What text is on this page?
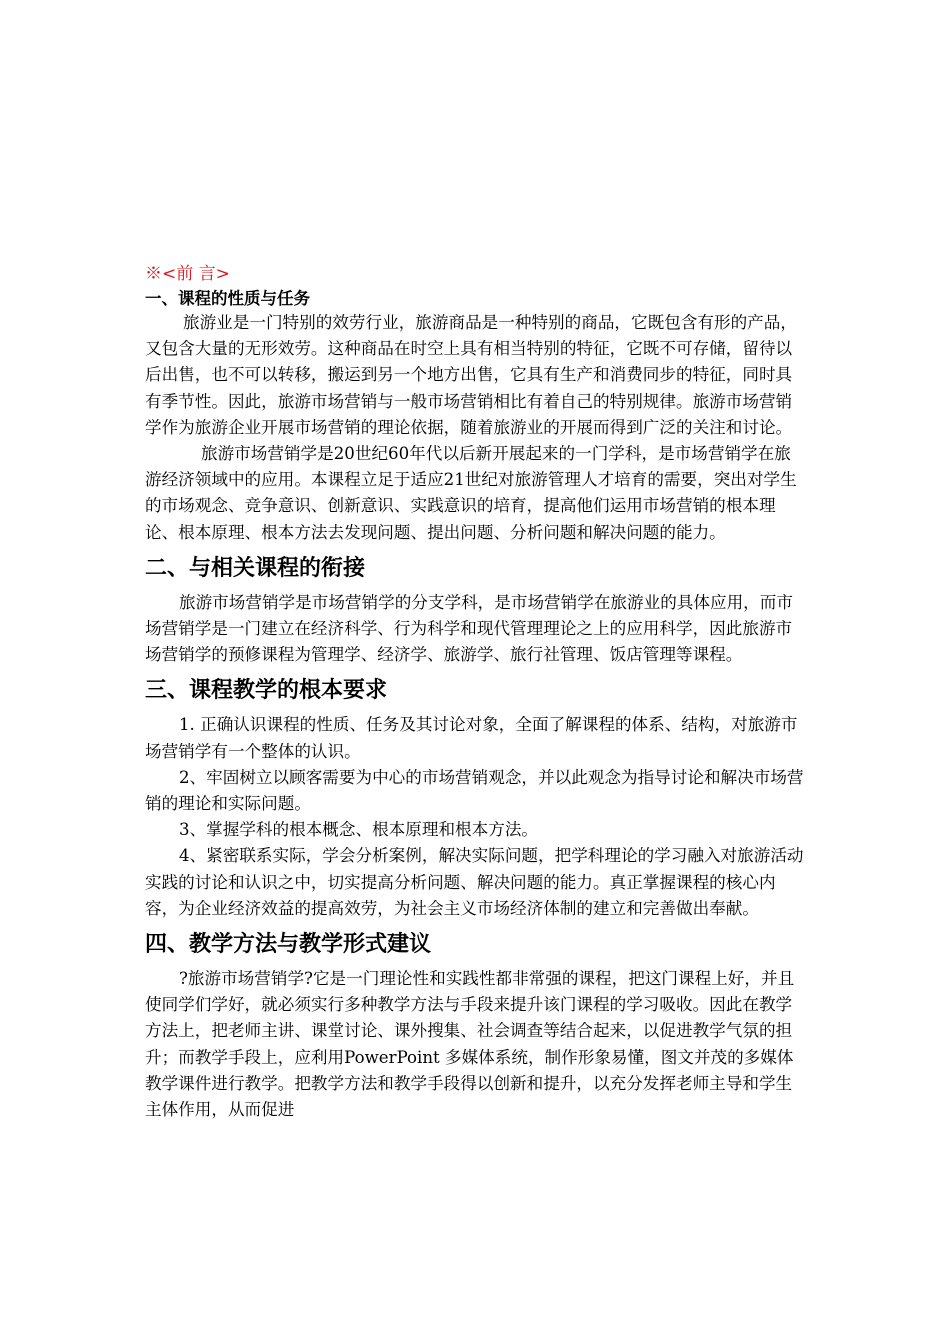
※<前 言>
一、课程的性质与任务

旅游业是一门特别的效劳行业，旅游商品是一种特别的商品，它既包含有形的产品，又包含大量的无形效劳。这种商品在时空上具有相当特别的特征，它既不可存储，留待以后出售，也不可以转移，搬运到另一个地方出售，它具有生产和消费同步的特征，同时具有季节性。因此，旅游市场营销与一般市场营销相比有着自己的特别规律。旅游市场营销学作为旅游企业开展市场营销的理论依据，随着旅游业的开展而得到广泛的关注和讨论。

旅游市场营销学是20世纪60年代以后新开展起来的一门学科，是市场营销学在旅游经济领域中的应用。本课程立足于适应21世纪对旅游管理人才培育的需要，突出对学生的市场观念、竞争意识、创新意识、实践意识的培育，提高他们运用市场营销的根本理论、根本原理、根本方法去发现问题、提出问题、分析问题和解决问题的能力。

二、与相关课程的衔接

旅游市场营销学是市场营销学的分支学科，是市场营销学在旅游业的具体应用，而市场营销学是一门建立在经济科学、行为科学和现代管理理论之上的应用科学，因此旅游市场营销学的预修课程为管理学、经济学、旅游学、旅行社管理、饭店管理等课程。

三、课程教学的根本要求

1. 正确认识课程的性质、任务及其讨论对象，全面了解课程的体系、结构，对旅游市场营销学有一个整体的认识。

2、牢固树立以顾客需要为中心的市场营销观念，并以此观念为指导讨论和解决市场营销的理论和实际问题。

3、掌握学科的根本概念、根本原理和根本方法。

4、紧密联系实际，学会分析案例，解决实际问题，把学科理论的学习融入对旅游活动实践的讨论和认识之中，切实提高分析问题、解决问题的能力。真正掌握课程的核心内容，为企业经济效益的提高效劳，为社会主义市场经济体制的建立和完善做出奉献。

四、教学方法与教学形式建议

?旅游市场营销学?它是一门理论性和实践性都非常强的课程，把这门课程上好，并且使同学们学好，就必须实行多种教学方法与手段来提升该门课程的学习吸收。因此在教学方法上，把老师主讲、课堂讨论、课外搜集、社会调查等结合起来，以促进教学气氛的担升；而教学手段上，应利用PowerPoint 多媒体系统，制作形象易懂，图文并茂的多媒体教学课件进行教学。把教学方法和教学手段得以创新和提升，以充分发挥老师主导和学生主体作用，从而促进
